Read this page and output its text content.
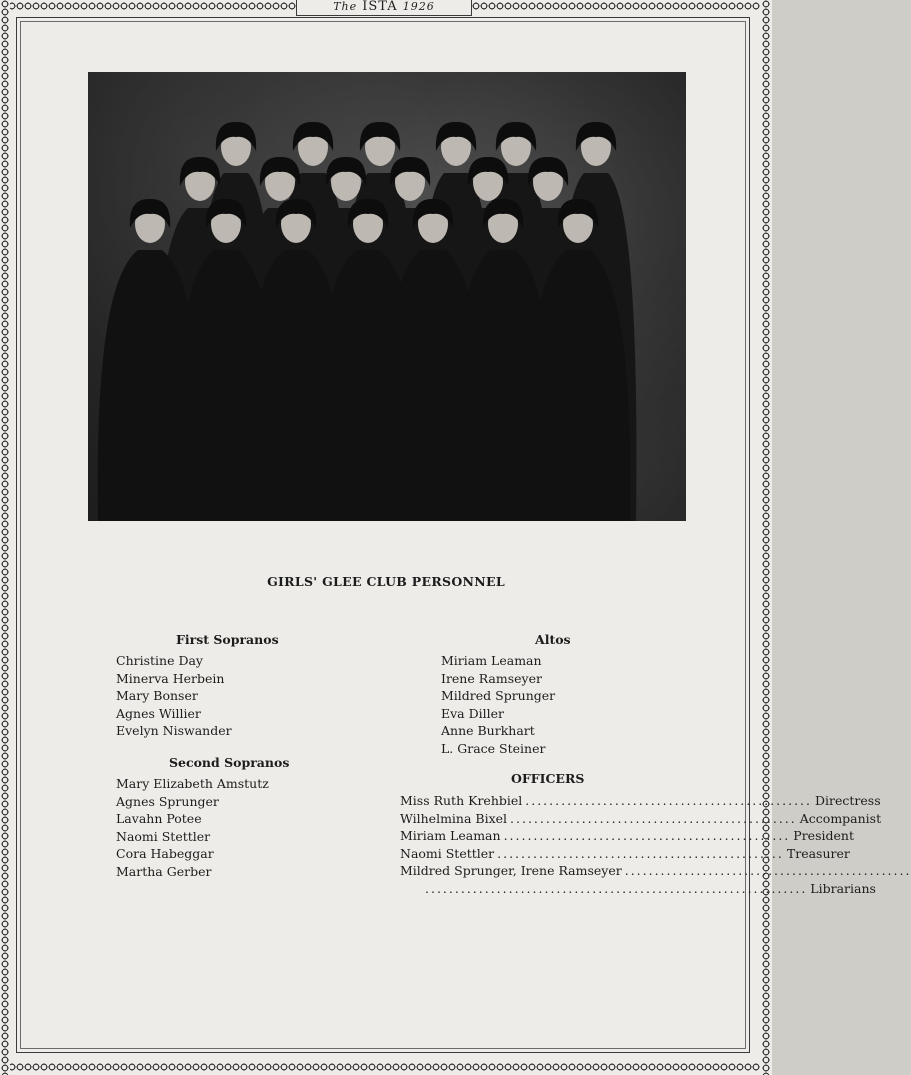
The ISTA 1926
GIRLS' GLEE CLUB PERSONNEL
First Sopranos
Christine Day
Minerva Herbein
Mary Bonser
Agnes Willier
Evelyn Niswander
Second Sopranos
Mary Elizabeth Amstutz
Agnes Sprunger
Lavahn Potee
Naomi Stettler
Cora Habeggar
Martha Gerber
Altos
Miriam Leaman
Irene Ramseyer
Mildred Sprunger
Eva Diller
Anne Burkhart
L. Grace Steiner
OFFICERS
Miss Ruth Krehbiel ................................................ Directress
Wilhelmina Bixel ................................................ Accompanist
Miriam Leaman ................................................ President
Naomi Stettler ................................................ Treasurer
Mildred Sprunger, Irene Ramseyer ................................................
................................................................ Librarians
